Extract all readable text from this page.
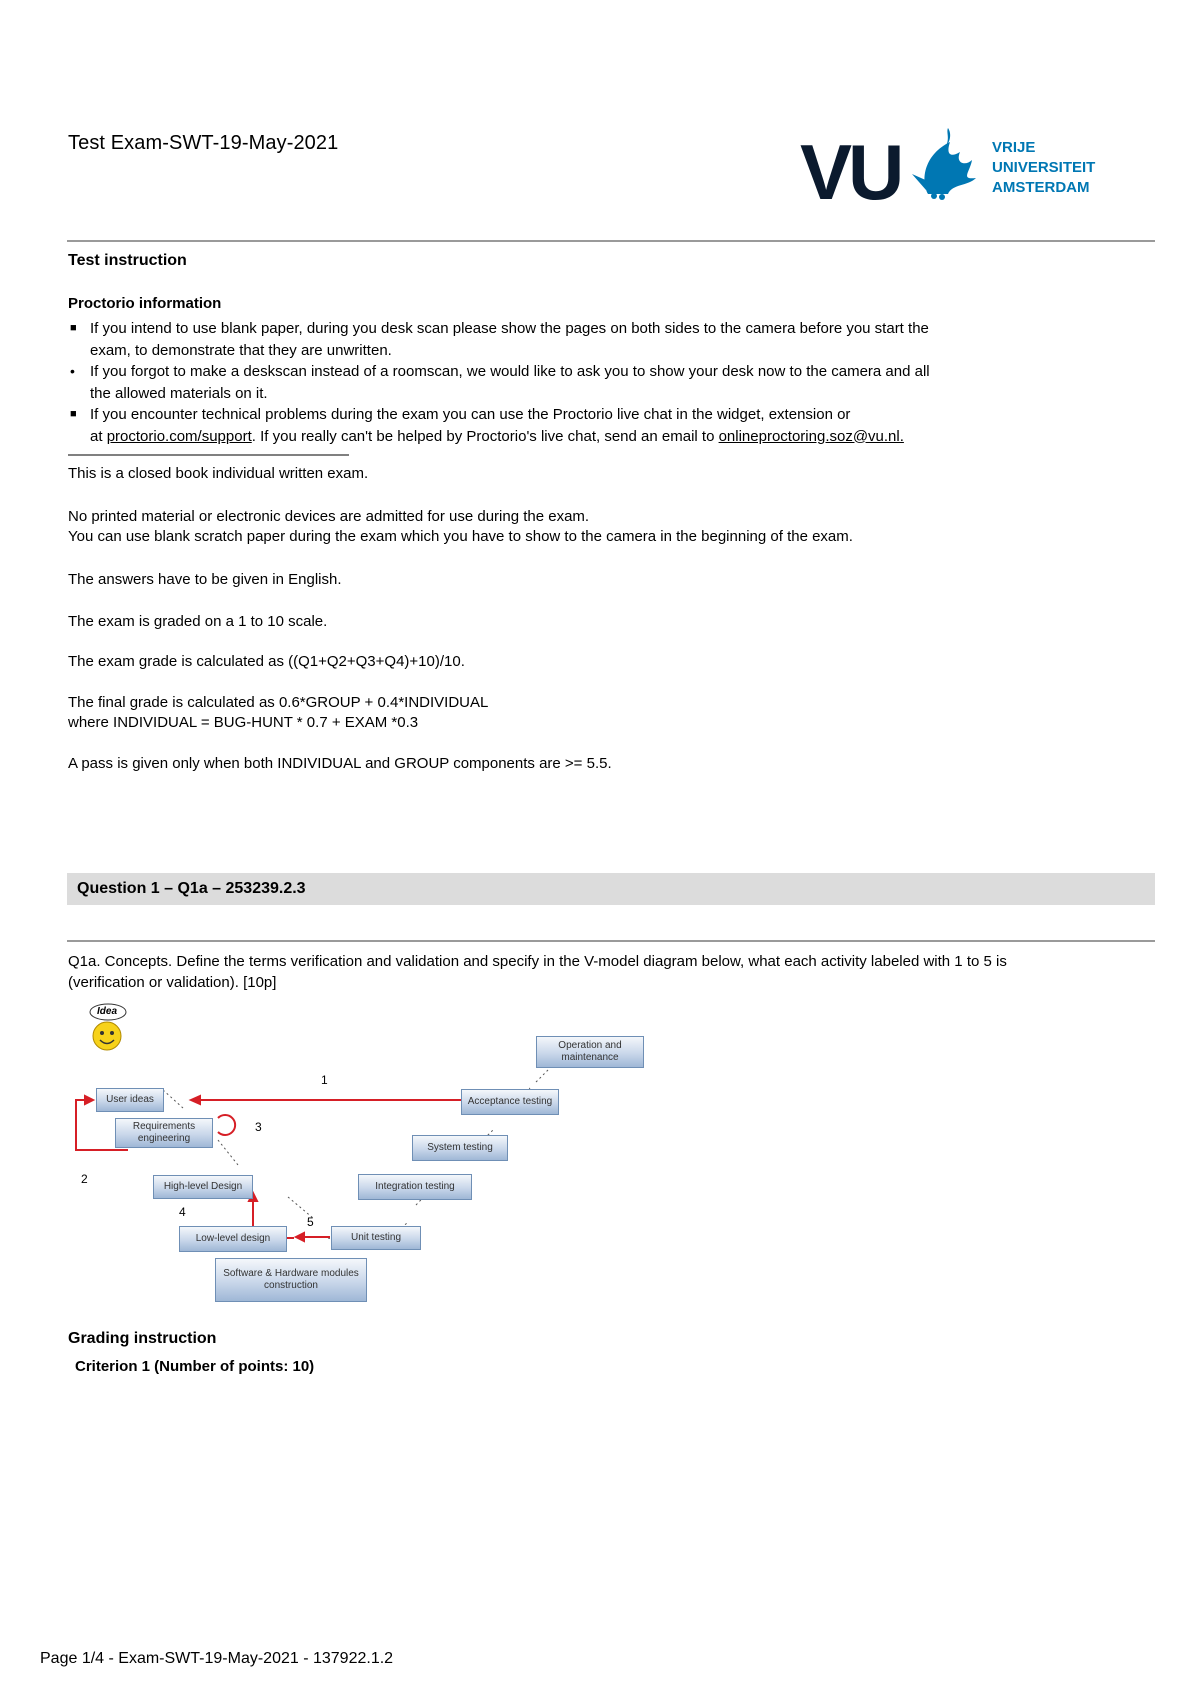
Test Exam-SWT-19-May-2021	VU	VRIJE
UNIVERSITEIT
AMSTERDAM
Test instruction
Proctorio information
■ If you intend to use blank paper, during you desk scan please show the pages on both sides to the camera before you start the
exam, to demonstrate that they are unwritten.
• If you forgot to make a deskscan instead of a roomscan, we would like to ask you to show your desk now to the camera and all
the allowed materials on it.
■ If you encounter technical problems during the exam you can use the Proctorio live chat in the widget, extension or
at proctorio.com/support. If you really can't be helped by Proctorio's live chat, send an email to onlineproctoring.soz@vu.nl.
————————————————————
This is a closed book individual written exam.
No printed material or electronic devices are admitted for use during the exam.
You can use blank scratch paper during the exam which you have to show to the camera in the beginning of the exam.
The answers have to be given in English.
The exam is graded on a 1 to 10 scale.
The exam grade is calculated as ((Q1+Q2+Q3+Q4)+10)/10.
The final grade is calculated as 0.6*GROUP + 0.4*INDIVIDUAL
where INDIVIDUAL = BUG-HUNT * 0.7 + EXAM *0.3
A pass is given only when both INDIVIDUAL and GROUP components are >= 5.5.
Question 1 – Q1a – 253239.2.3
Q1a. Concepts. Define the terms verification and validation and specify in the V-model diagram below, what each activity labeled with 1 to 5 is
(verification or validation). [10p]
User ideas
Requirements engineering
High-level Design
Low-level design
Software & Hardware modules construction
Unit testing
Integration testing
System testing
Acceptance testing
Operation and maintenance
Idea
1
2
3
4
5
Grading instruction
Criterion 1 (Number of points: 10)
Page 1/4 - Exam-SWT-19-May-2021 - 137922.1.2
